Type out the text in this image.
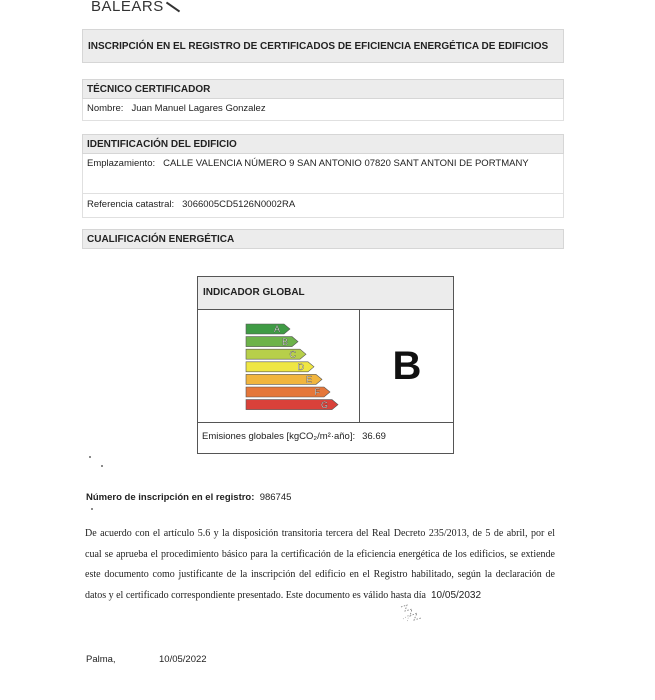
BALEARS
INSCRIPCIÓN EN EL REGISTRO DE CERTIFICADOS DE EFICIENCIA ENERGÉTICA DE EDIFICIOS
TÉCNICO CERTIFICADOR
Nombre: Juan Manuel Lagares Gonzalez
IDENTIFICACIÓN DEL EDIFICIO
Emplazamiento: CALLE VALENCIA NÚMERO 9 SAN ANTONIO 07820 SANT ANTONI DE PORTMANY
Referencia catastral: 3066005CD5126N0002RA
CUALIFICACIÓN ENERGÉTICA
INDICADOR GLOBAL
A
B
C
D
E
F
G
B
Emisiones globales [kgCO₂/m²·año]: 36.69
Número de inscripción en el registro: 986745
De acuerdo con el artículo 5.6 y la disposición transitoria tercera del Real Decreto 235/2013, de 5 de abril, por el cual se aprueba el procedimiento básico para la certificación de la eficiencia energética de los edificios, se extiende este documento como justificante de la inscripción del edificio en el Registro habilitado, según la declaración de datos y el certificado correspondiente presentado. Este documento es válido hasta día 10/05/2032
Palma,	10/05/2022
